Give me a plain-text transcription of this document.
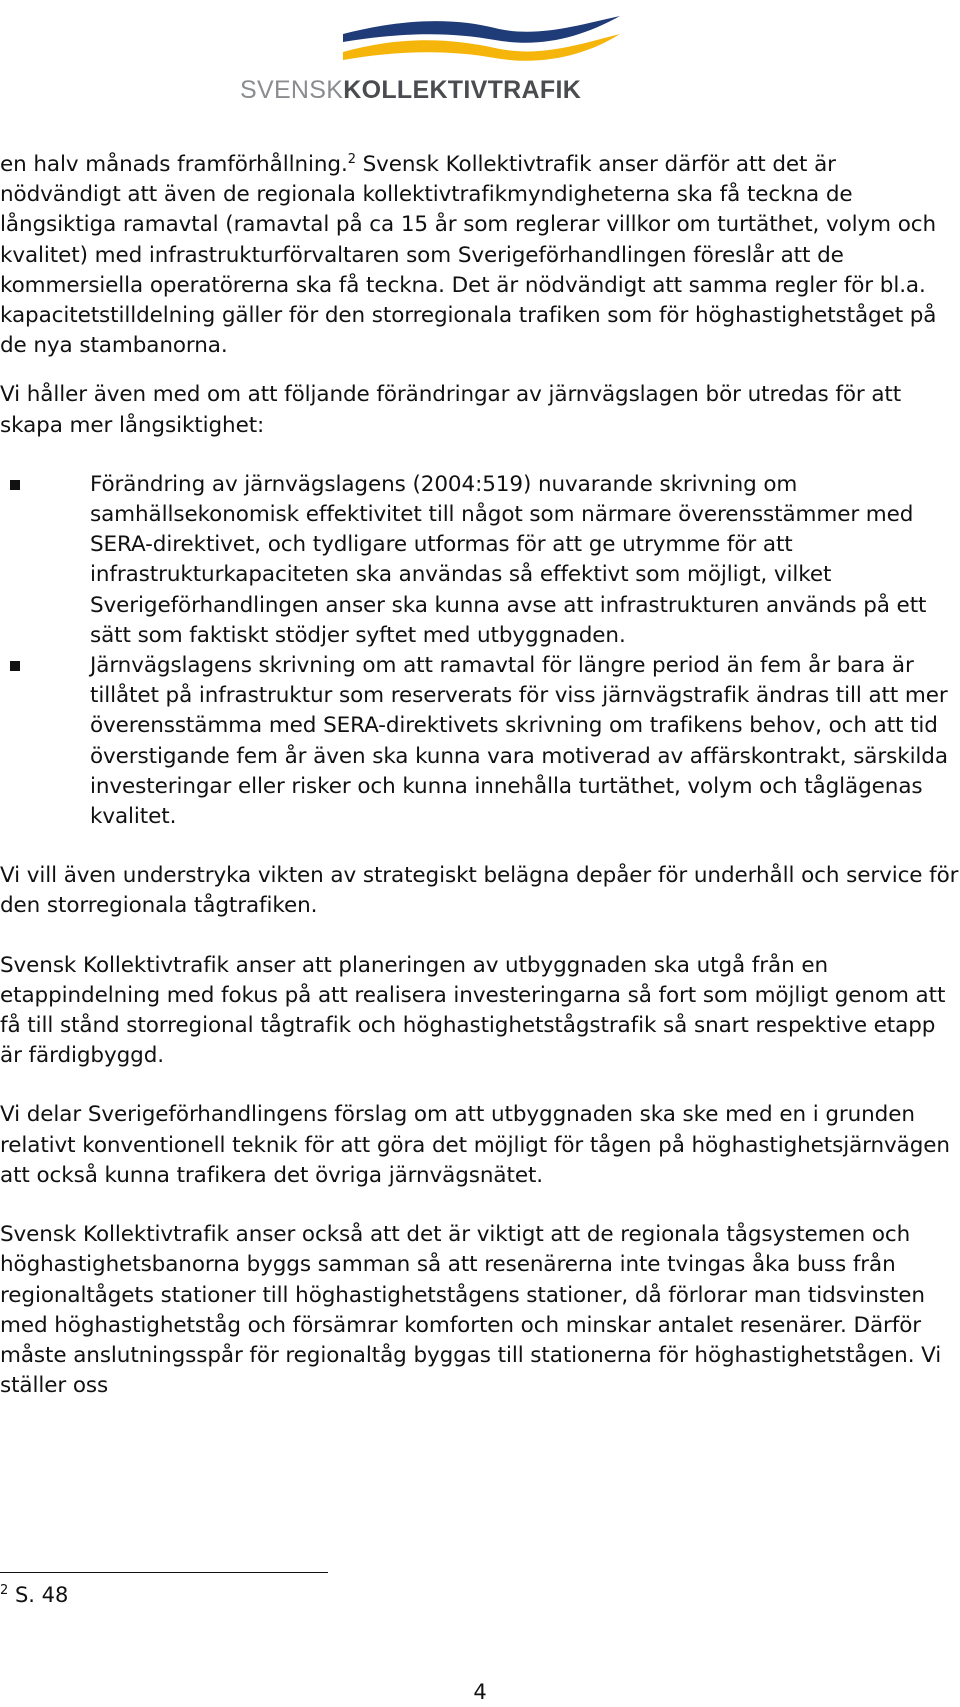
SVENSKKOLLEKTIVTRAFIK

en halv månads framförhållning.$^2$ Svensk Kollektivtrafik anser därför att det är nödvändigt att även de regionala kollektivtrafikmyndigheterna ska få teckna de långsiktiga ramavtal (ramavtal på ca 15 år som reglerar villkor om turtäthet, volym och kvalitet) med infrastrukturförvaltaren som Sverigeförhandlingen föreslår att de kommersiella operatörerna ska få teckna. Det är nödvändigt att samma regler för bl.a. kapacitetstilldelning gäller för den storregionala trafiken som för höghastighetståget på de nya stambanorna.

Vi håller även med om att följande förändringar av järnvägslagen bör utredas för att skapa mer långsiktighet:

Förändring av järnvägslagens (2004:519) nuvarande skrivning om samhällsekonomisk effektivitet till något som närmare överensstämmer med SERA-direktivet, och tydligare utformas för att ge utrymme för att infrastrukturkapaciteten ska användas så effektivt som möjligt, vilket Sverigeförhandlingen anser ska kunna avse att infrastrukturen används på ett sätt som faktiskt stödjer syftet med utbyggnaden.
Järnvägslagens skrivning om att ramavtal för längre period än fem år bara är tillåtet på infrastruktur som reserverats för viss järnvägstrafik ändras till att mer överensstämma med SERA-direktivets skrivning om trafikens behov, och att tid överstigande fem år även ska kunna vara motiverad av affärskontrakt, särskilda investeringar eller risker och kunna innehålla turtäthet, volym och tåglägenas kvalitet.

Vi vill även understryka vikten av strategiskt belägna depåer för underhåll och service för den storregionala tågtrafiken.

Svensk Kollektivtrafik anser att planeringen av utbyggnaden ska utgå från en etappindelning med fokus på att realisera investeringarna så fort som möjligt genom att få till stånd storregional tågtrafik och höghastighetstågstrafik så snart respektive etapp är färdigbyggd.

Vi delar Sverigeförhandlingens förslag om att utbyggnaden ska ske med en i grunden relativt konventionell teknik för att göra det möjligt för tågen på höghastighetsjärnvägen att också kunna trafikera det övriga järnvägsnätet.

Svensk Kollektivtrafik anser också att det är viktigt att de regionala tågsystemen och höghastighetsbanorna byggs samman så att resenärerna inte tvingas åka buss från regionaltågets stationer till höghastighetstågens stationer, då förlorar man tidsvinsten med höghastighetståg och försämrar komforten och minskar antalet resenärer. Därför måste anslutningsspår för regionaltåg byggas till stationerna för höghastighetstågen. Vi ställer oss

$^2$ S. 48
4
